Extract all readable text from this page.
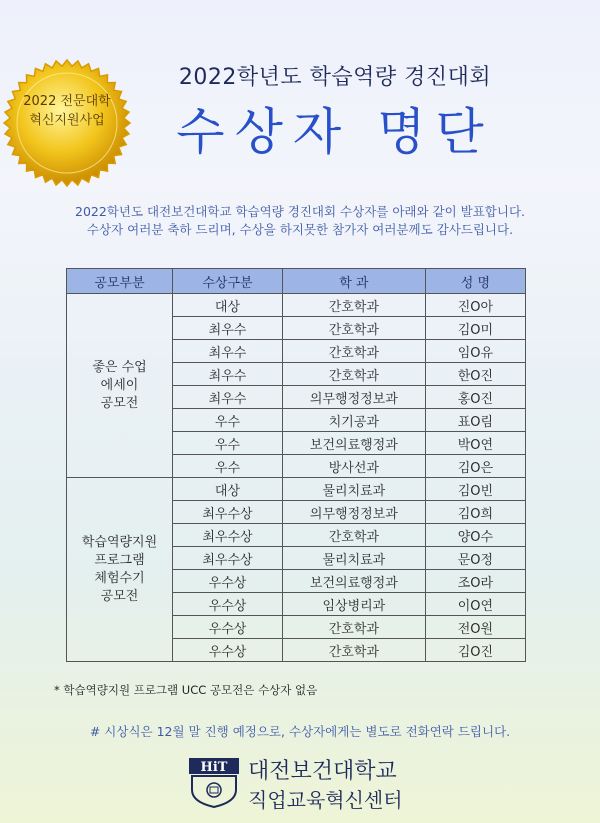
2022 전문대학
혁신지원사업
2022학년도 학습역량 경진대회
수상자 명단
2022학년도 대전보건대학교 학습역량 경진대회 수상자를 아래와 같이 발표합니다.
수상자 여러분 축하 드리며, 수상을 하지못한 참가자 여러분께도 감사드립니다.
공모부분	수상구분	학 과	성 명
좋은 수업
에세이
공모전	대상	간호학과	진O아
	최우수	간호학과	김O미
	최우수	간호학과	임O유
	최우수	간호학과	한O진
	최우수	의무행정정보과	홍O진
	우수	치기공과	표O림
	우수	보건의료행정과	박O연
	우수	방사선과	김O은
학습역량지원
프로그램
체험수기
공모전	대상	물리치료과	김O빈
	최우수상	의무행정정보과	김O희
	최우수상	간호학과	양O수
	최우수상	물리치료과	문O정
	우수상	보건의료행정과	조O라
	우수상	임상병리과	이O연
	우수상	간호학과	전O원
	우수상	간호학과	김O진
* 학습역량지원 프로그램 UCC 공모전은 수상자 없음
# 시상식은 12월 말 진행 예정으로, 수상자에게는 별도로 전화연락 드립니다.
HiT 대전보건대학교
직업교육혁신센터
